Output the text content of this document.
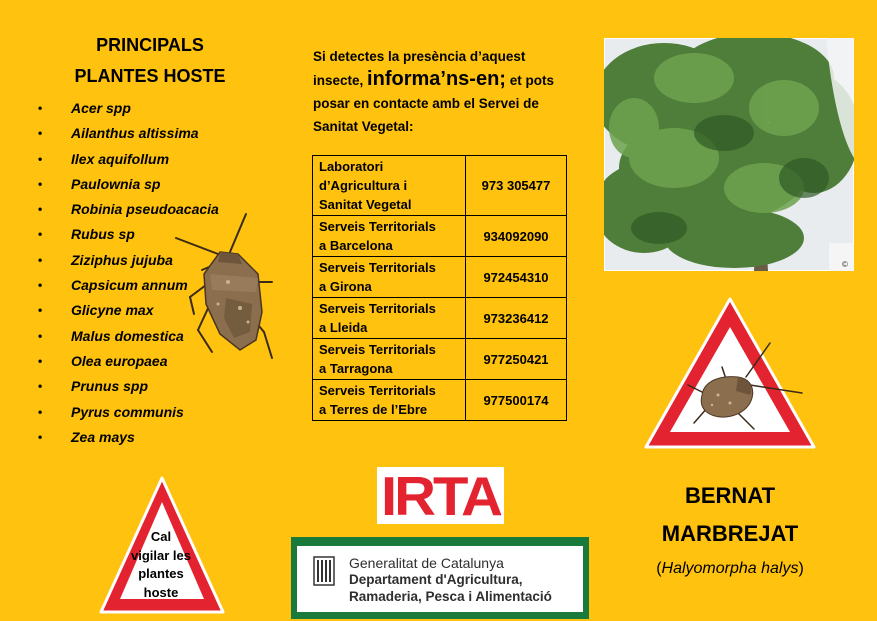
PRINCIPALS
PLANTES HOSTE
• Acer spp
• Ailanthus altissima
• Ilex aquifollum
• Paulownia sp
• Robinia pseudoacacia
• Rubus sp
• Ziziphus jujuba
• Capsicum annum
• Glicyne max
• Malus domestica
• Olea europaea
• Prunus spp
• Pyrus communis
• Zea mays
Cal
vigilar les
plantes
hoste
Si detectes la presència d’aquest insecte, informa’ns-en; et pots posar en contacte amb el Servei de Sanitat Vegetal:
Laboratori
d’Agricultura i
Sanitat Vegetal	973 305477

Serveis Territorials
a Barcelona	934092090

Serveis Territorials
a Girona	972454310

Serveis Territorials
a Lleida	973236412

Serveis Territorials
a Tarragona	977250421

Serveis Territorials
a Terres de l’Ebre	977500174
IRTA
Generalitat de Catalunya
Departament d'Agricultura,
Ramaderia, Pesca i Alimentació
©
BERNAT
MARBREJAT
(Halyomorpha halys)
